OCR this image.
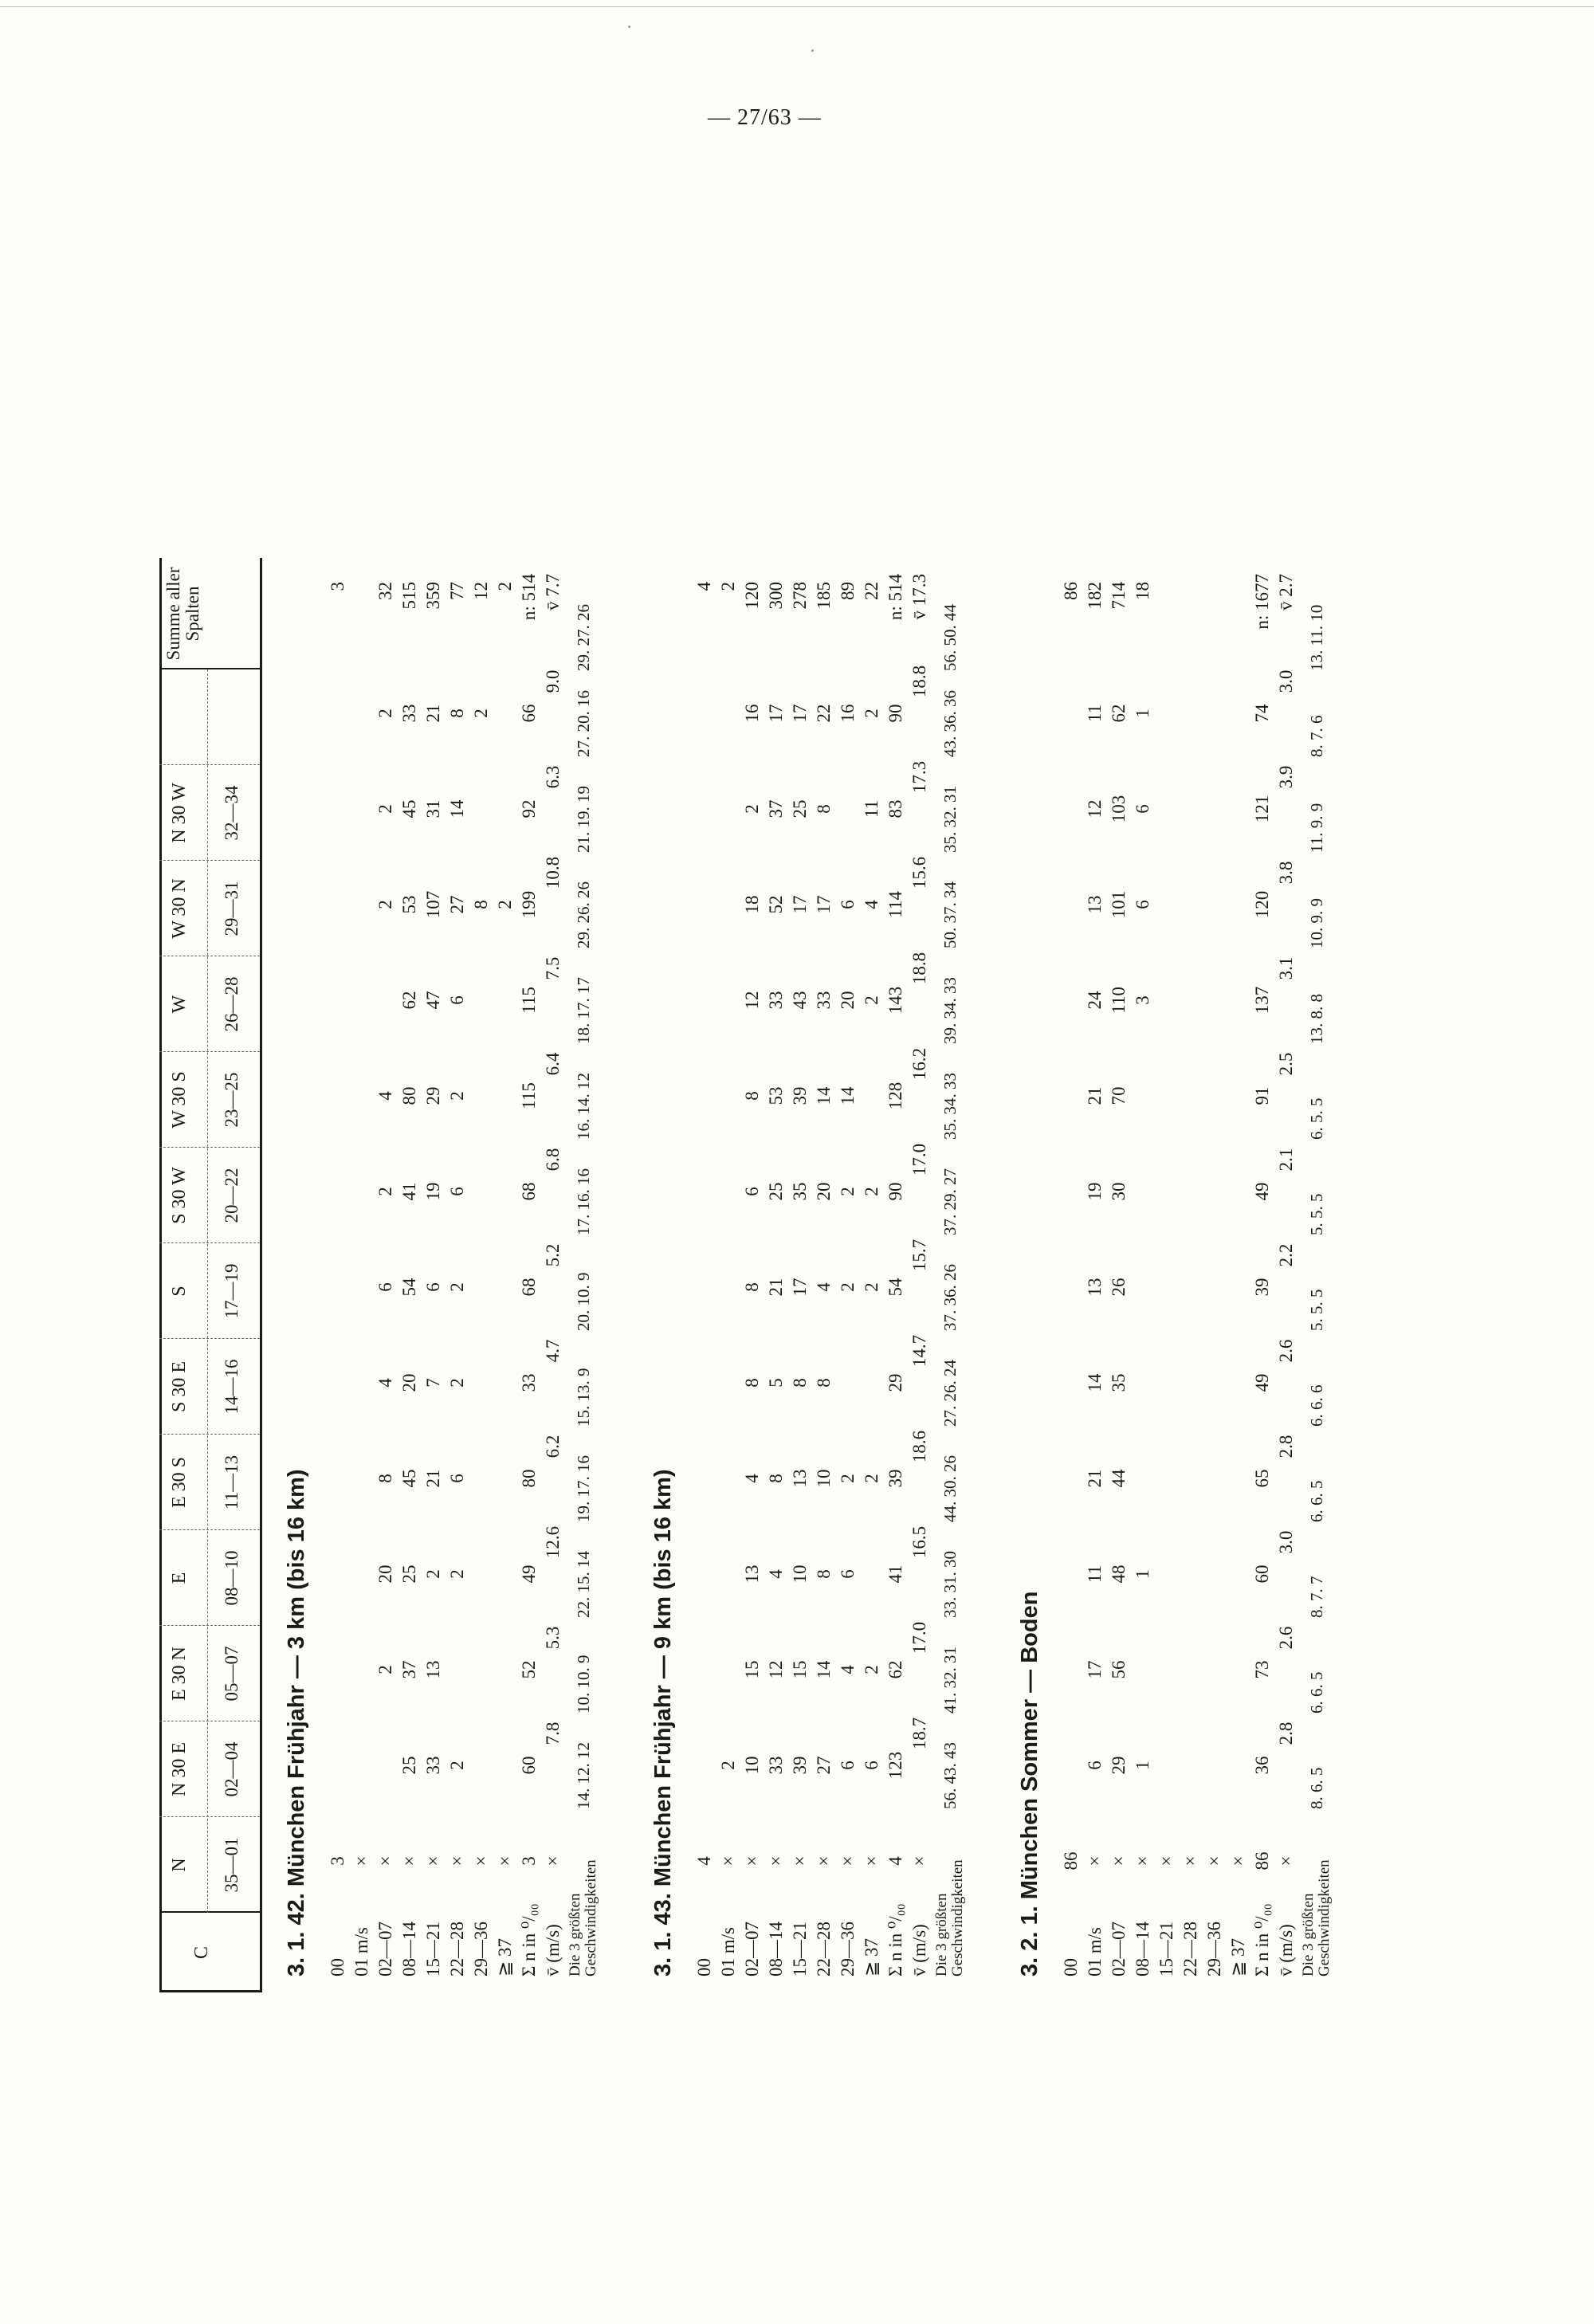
— 27/63 —
C
N 35—01
N 30 E 02—04
E 30 N 05—07
E 08—10
E 30 S 11—13
S 30 E 14—16
S 17—19
S 30 W 20—22
W 30 S 23—25
W 26—28
W 30 N 29—31
N 30 W 32—34
Summe aller Spalten
3. 1. 42. München Frühjahr — 3 km (bis 16 km) 00 01 m/s 02—07 08—14 15—21 22—28 29—36 ≧ 37 Σ n in ⁰/₀₀ v̄ (m/s) Die 3 größten Geschwindigkeiten
3
3
× ×
2
20
8
4
6
2
4
2
2
2
32
×
25
37
25
45
20
54
41
80
62
53
45
33
515
×
33
13
2
21
7
6
19
29
47
107
31
21
359
×
2
2
6
2
2
6
2
6
27
14
8
77
×
8
2
12
×
2
2
3
60
52
49
80
33
68
68
115
115
199
92
66
n: 514
×
7.8
5.3
12.6
6.2
4.7
5.2
6.8
6.4
7.5
10.8
6.3
9.0
v̄ 7.7
14. 12. 12
10. 10. 9
22. 15. 14
19. 17. 16
15. 13. 9
20. 10. 9
17. 16. 16
16. 14. 12
18. 17. 17
29. 26. 26
21. 19. 19
27. 20. 16
29. 27. 26
3. 1. 43. München Frühjahr — 9 km (bis 16 km) 00 01 m/s 02—07 08—14 15—21 22—28 29—36 ≧ 37 Σ n in ⁰/₀₀ v̄ (m/s) Die 3 größten Geschwindigkeiten
4
4
×
2
2
×
10
15
13
4
8
8
6
8
12
18
2
16
120
×
33
12
4
8
5
21
25
53
33
52
37
17
300
×
39
15
10
13
8
17
35
39
43
17
25
17
278
×
27
14
8
10
8
4
20
14
33
17
8
22
185
×
6
4
6
2
2
2
14
20
6
16
89
×
6
2
2
2
2
2
4
11
2
22
4
123
62
41
39
29
54
90
128
143
114
83
90
n: 514
×
18.7
17.0
16.5
18.6
14.7
15.7
17.0
16.2
18.8
15.6
17.3
18.8
v̄ 17.3
56. 43. 43
41. 32. 31
33. 31. 30
44. 30. 26
27. 26. 24
37. 36. 26
37. 29. 27
35. 34. 33
39. 34. 33
50. 37. 34
35. 32. 31
43. 36. 36
56. 50. 44
3. 2. 1. München Sommer — Boden 00 01 m/s 02—07 08—14 15—21 22—28 29—36 ≧ 37 Σ n in ⁰/₀₀ v̄ (m/s) Die 3 größten Geschwindigkeiten
86
86
×
6
17
11
21
14
13
19
21
24
13
12
11
182
×
29
56
48
44
35
26
30
70
110
101
103
62
714
×
1
1
3
6
6
1
18
× × × × 86
36
73
60
65
49
39
49
91
137
120
121
74
n: 1677
×
2.8
2.6
3.0
2.8
2.6
2.2
2.1
2.5
3.1
3.8
3.9
3.0
v̄ 2.7
8. 6. 5
6. 6. 5
8. 7. 7
6. 6. 5
6. 6. 6
5. 5. 5
5. 5. 5
6. 5. 5
13. 8. 8
10. 9. 9
11. 9. 9
8. 7. 6
13. 11. 10
